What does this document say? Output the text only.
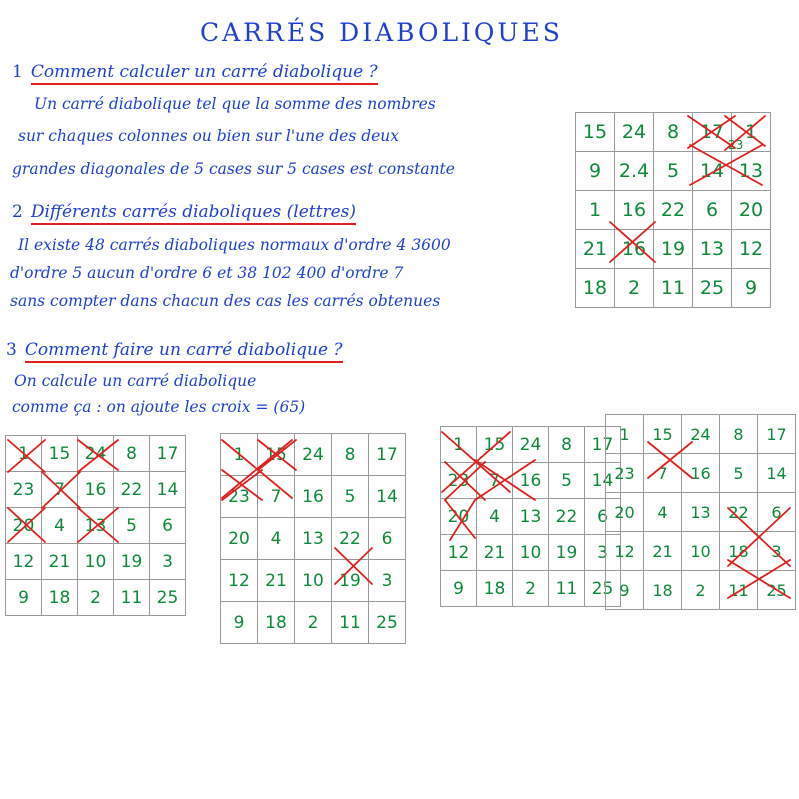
CARRÉS DIABOLIQUES
1 Comment calculer un carré diabolique ?
Un carré diabolique tel que la somme des nombres
sur chaques colonnes ou bien sur l'une des deux
grandes diagonales de 5 cases sur 5 cases est constante
2 Différents carrés diaboliques (lettres)
Il existe 48 carrés diaboliques normaux d'ordre 4 3600
d'ordre 5 aucun d'ordre 6 et 38 102 400 d'ordre 7
sans compter dans chacun des cas les carrés obtenues
3 Comment faire un carré diabolique ?
On calcule un carré diabolique
comme ça : on ajoute les croix = (65)
15	24	8	17	1
9	2.4	5	14	13
1	16	22	6	20
21	16	19	13	12
18	2	11	25	9
23
1	15	24	8	17
23	7	16	22	14
20	4	13	5	6
12	21	10	19	3
9	18	2	11	25
1	15	24	8	17
23	7	16	5	14
20	4	13	22	6
12	21	10	19	3
9	18	2	11	25
1	15	24	8	17
23	7	16	5	14
20	4	13	22	6
12	21	10	19	3
9	18	2	11	25
1	15	24	8	17
23	7	16	5	14
20	4	13	22	6
12	21	10	18	3
9	18	2	11	25
